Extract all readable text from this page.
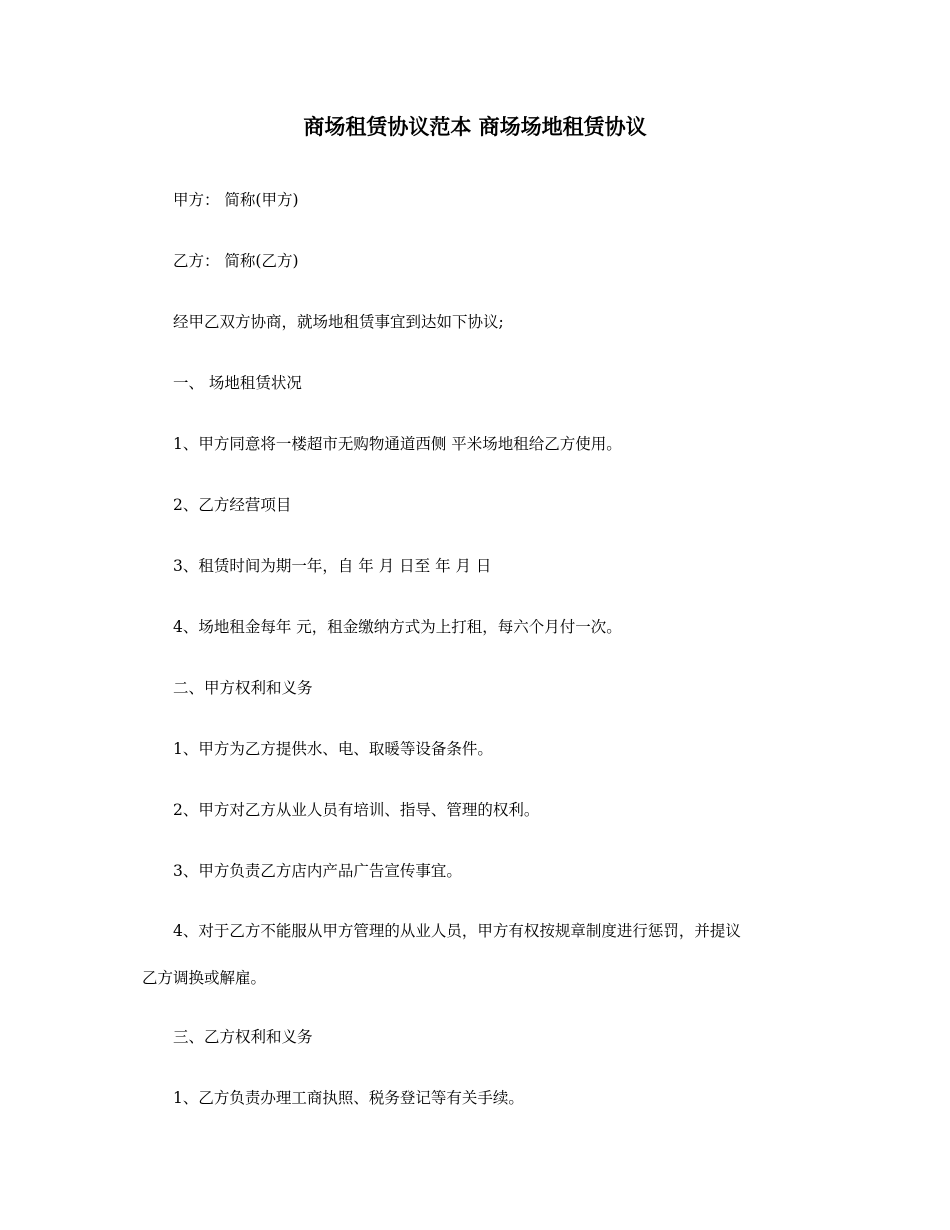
商场租赁协议范本 商场场地租赁协议
甲方： 简称(甲方)
乙方： 简称(乙方)
经甲乙双方协商，就场地租赁事宜到达如下协议;
一、 场地租赁状况
1、甲方同意将一楼超市无购物通道西侧 平米场地租给乙方使用。
2、乙方经营项目
3、租赁时间为期一年，自 年 月 日至 年 月 日
4、场地租金每年 元，租金缴纳方式为上打租，每六个月付一次。
二、甲方权利和义务
1、甲方为乙方提供水、电、取暖等设备条件。
2、甲方对乙方从业人员有培训、指导、管理的权利。
3、甲方负责乙方店内产品广告宣传事宜。
4、对于乙方不能服从甲方管理的从业人员，甲方有权按规章制度进行惩罚，并提议
乙方调换或解雇。
三、乙方权利和义务
1、乙方负责办理工商执照、税务登记等有关手续。
